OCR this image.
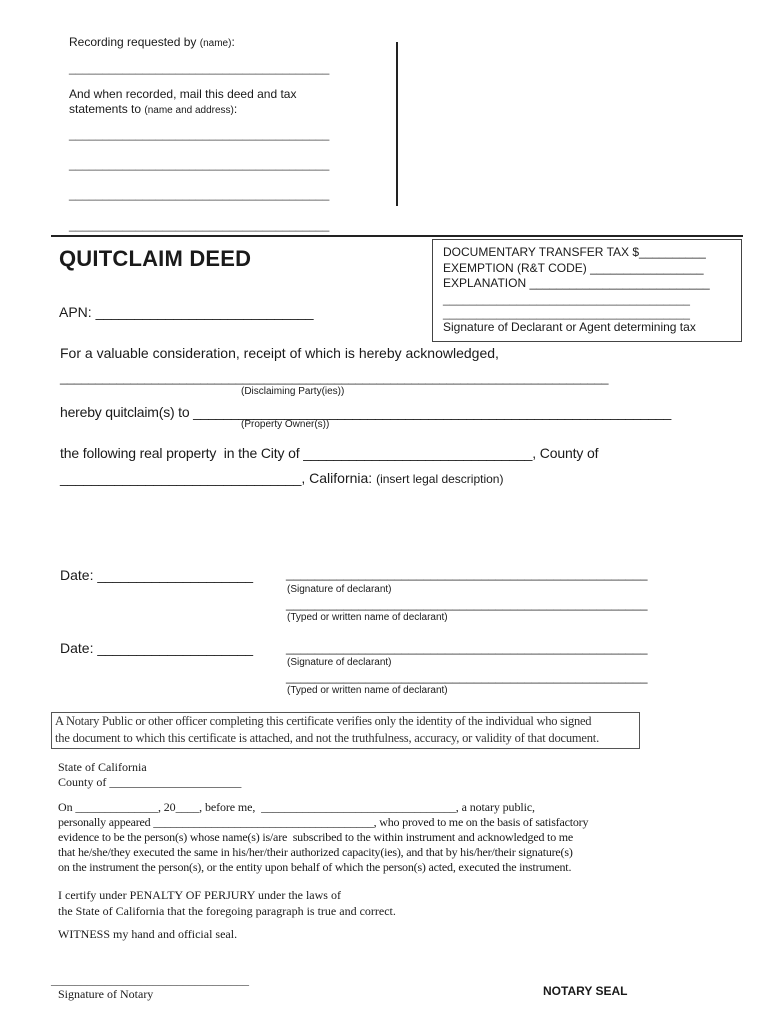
Recording requested by (name):
_______________________________________
And when recorded, mail this deed and tax
statements to (name and address):
_______________________________________
_______________________________________
_______________________________________
_______________________________________
QUITCLAIM DEED
APN: ____________________________
DOCUMENTARY TRANSFER TAX $__________
EXEMPTION (R&T CODE) _________________
EXPLANATION ___________________________
_____________________________________
_____________________________________
Signature of Declarant or Agent determining tax
For a valuable consideration, receipt of which is hereby acknowledged,
______________________________________________________________________________
(Disclaiming Party(ies))
hereby quitclaim(s) to _______________________________________________________________
(Property Owner(s))
the following real property  in the City of ______________________________, County of
_______________________________, California: (insert legal description)
Date: ____________________	__________________________________________________
(Signature of declarant)
__________________________________________________
(Typed or written name of declarant)
Date: ____________________	__________________________________________________
(Signature of declarant)
__________________________________________________
(Typed or written name of declarant)
A Notary Public or other officer completing this certificate verifies only the identity of the individual who signed
the document to which this certificate is attached, and not the truthfulness, accuracy, or validity of that document.
State of California
County of ______________________
On ______________, 20____, before me,  _________________________________, a notary public,
personally appeared ______________________________________, who proved to me on the basis of satisfactory
evidence to be the person(s) whose name(s) is/are  subscribed to the within instrument and acknowledged to me
that he/she/they executed the same in his/her/their authorized capacity(ies), and that by his/her/their signature(s)
on the instrument the person(s), or the entity upon behalf of which the person(s) acted, executed the instrument.
I certify under PENALTY OF PERJURY under the laws of
the State of California that the foregoing paragraph is true and correct.
WITNESS my hand and official seal.
_________________________________
Signature of Notary	NOTARY SEAL
